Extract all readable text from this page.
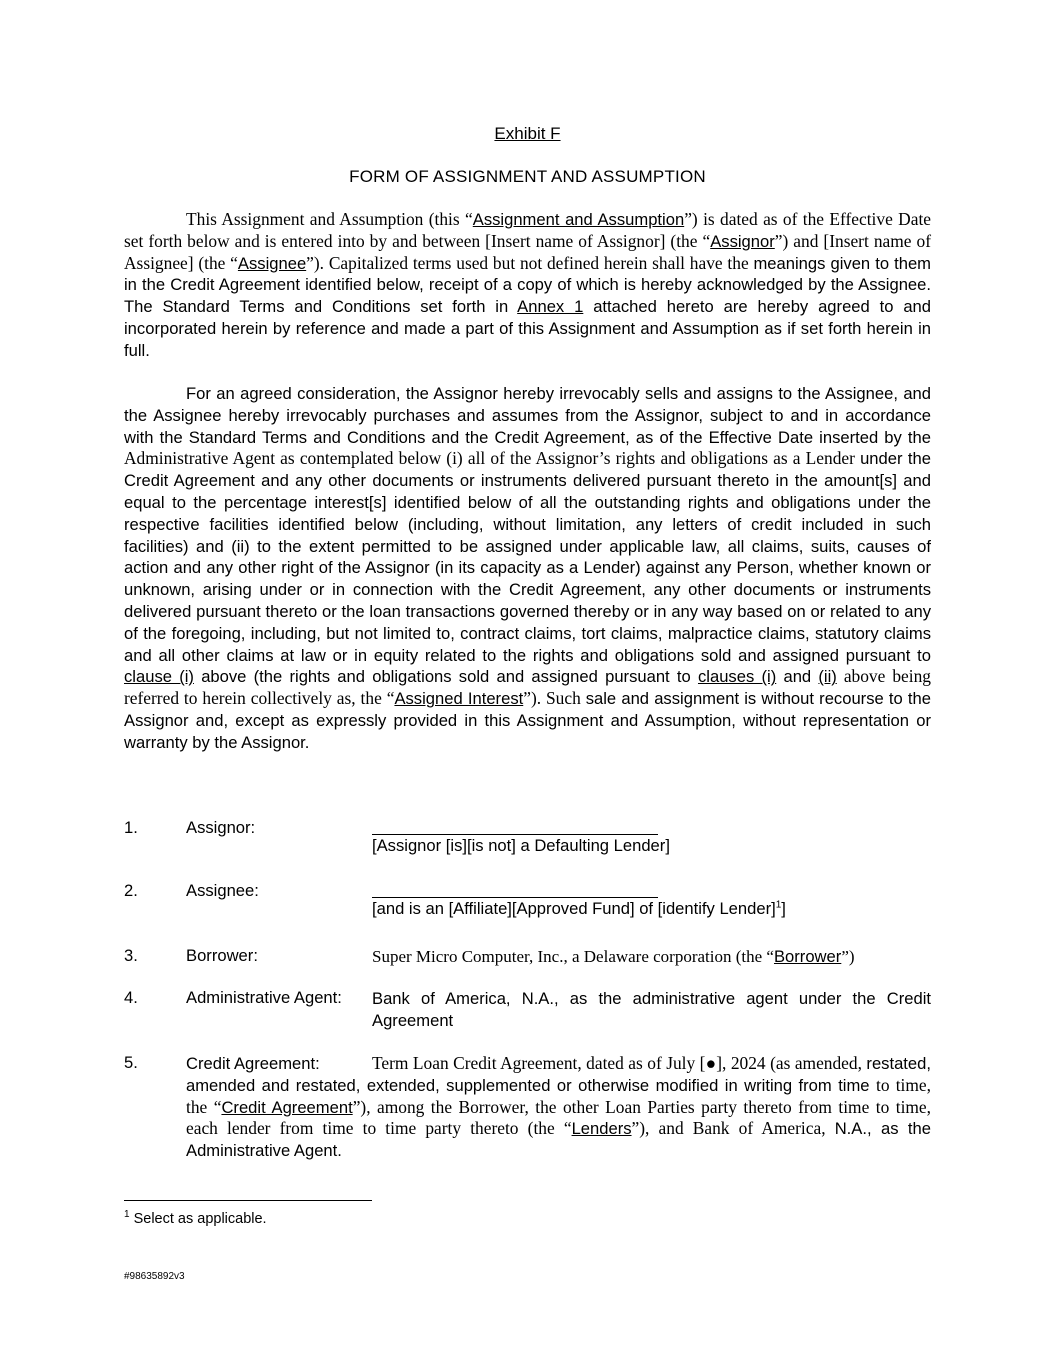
Exhibit F
FORM OF ASSIGNMENT AND ASSUMPTION

This Assignment and Assumption (this “Assignment and Assumption”) is dated as of the Effective Date set forth below and is entered into by and between [Insert name of Assignor] (the “Assignor”) and [Insert name of Assignee] (the “Assignee”). Capitalized terms used but not defined herein shall have the meanings given to them in the Credit Agreement identified below, receipt of a copy of which is hereby acknowledged by the Assignee. The Standard Terms and Conditions set forth in Annex 1 attached hereto are hereby agreed to and incorporated herein by reference and made a part of this Assignment and Assumption as if set forth herein in full.

For an agreed consideration, the Assignor hereby irrevocably sells and assigns to the Assignee, and the Assignee hereby irrevocably purchases and assumes from the Assignor, subject to and in accordance with the Standard Terms and Conditions and the Credit Agreement, as of the Effective Date inserted by the Administrative Agent as contemplated below (i) all of the Assignor’s rights and obligations as a Lender under the Credit Agreement and any other documents or instruments delivered pursuant thereto in the amount[s] and equal to the percentage interest[s] identified below of all the outstanding rights and obligations under the respective facilities identified below (including, without limitation, any letters of credit included in such facilities) and (ii) to the extent permitted to be assigned under applicable law, all claims, suits, causes of action and any other right of the Assignor (in its capacity as a Lender) against any Person, whether known or unknown, arising under or in connection with the Credit Agreement, any other documents or instruments delivered pursuant thereto or the loan transactions governed thereby or in any way based on or related to any of the foregoing, including, but not limited to, contract claims, tort claims, malpractice claims, statutory claims and all other claims at law or in equity related to the rights and obligations sold and assigned pursuant to clause (i) above (the rights and obligations sold and assigned pursuant to clauses (i) and (ii) above being referred to herein collectively as, the “Assigned Interest”). Such sale and assignment is without recourse to the Assignor and, except as expressly provided in this Assignment and Assumption, without representation or warranty by the Assignor.

1.	Assignor:
[Assignor [is][is not] a Defaulting Lender]
2.	Assignee:
[and is an [Affiliate][Approved Fund] of [identify Lender]$^1$]
3.	Borrower:	Super Micro Computer, Inc., a Delaware corporation (the “Borrower”)
4.	Administrative Agent: Bank of America, N.A., as the administrative agent under the Credit Agreement
5.	Credit Agreement:	Term Loan Credit Agreement, dated as of July [●], 2024 (as amended, restated, amended and restated, extended, supplemented or otherwise modified in writing from time to time, the “Credit Agreement”), among the Borrower, the other Loan Parties party thereto from time to time, each lender from time to time party thereto (the “Lenders”), and Bank of America, N.A., as the Administrative Agent.

$^1$ Select as applicable.
#98635892v3
